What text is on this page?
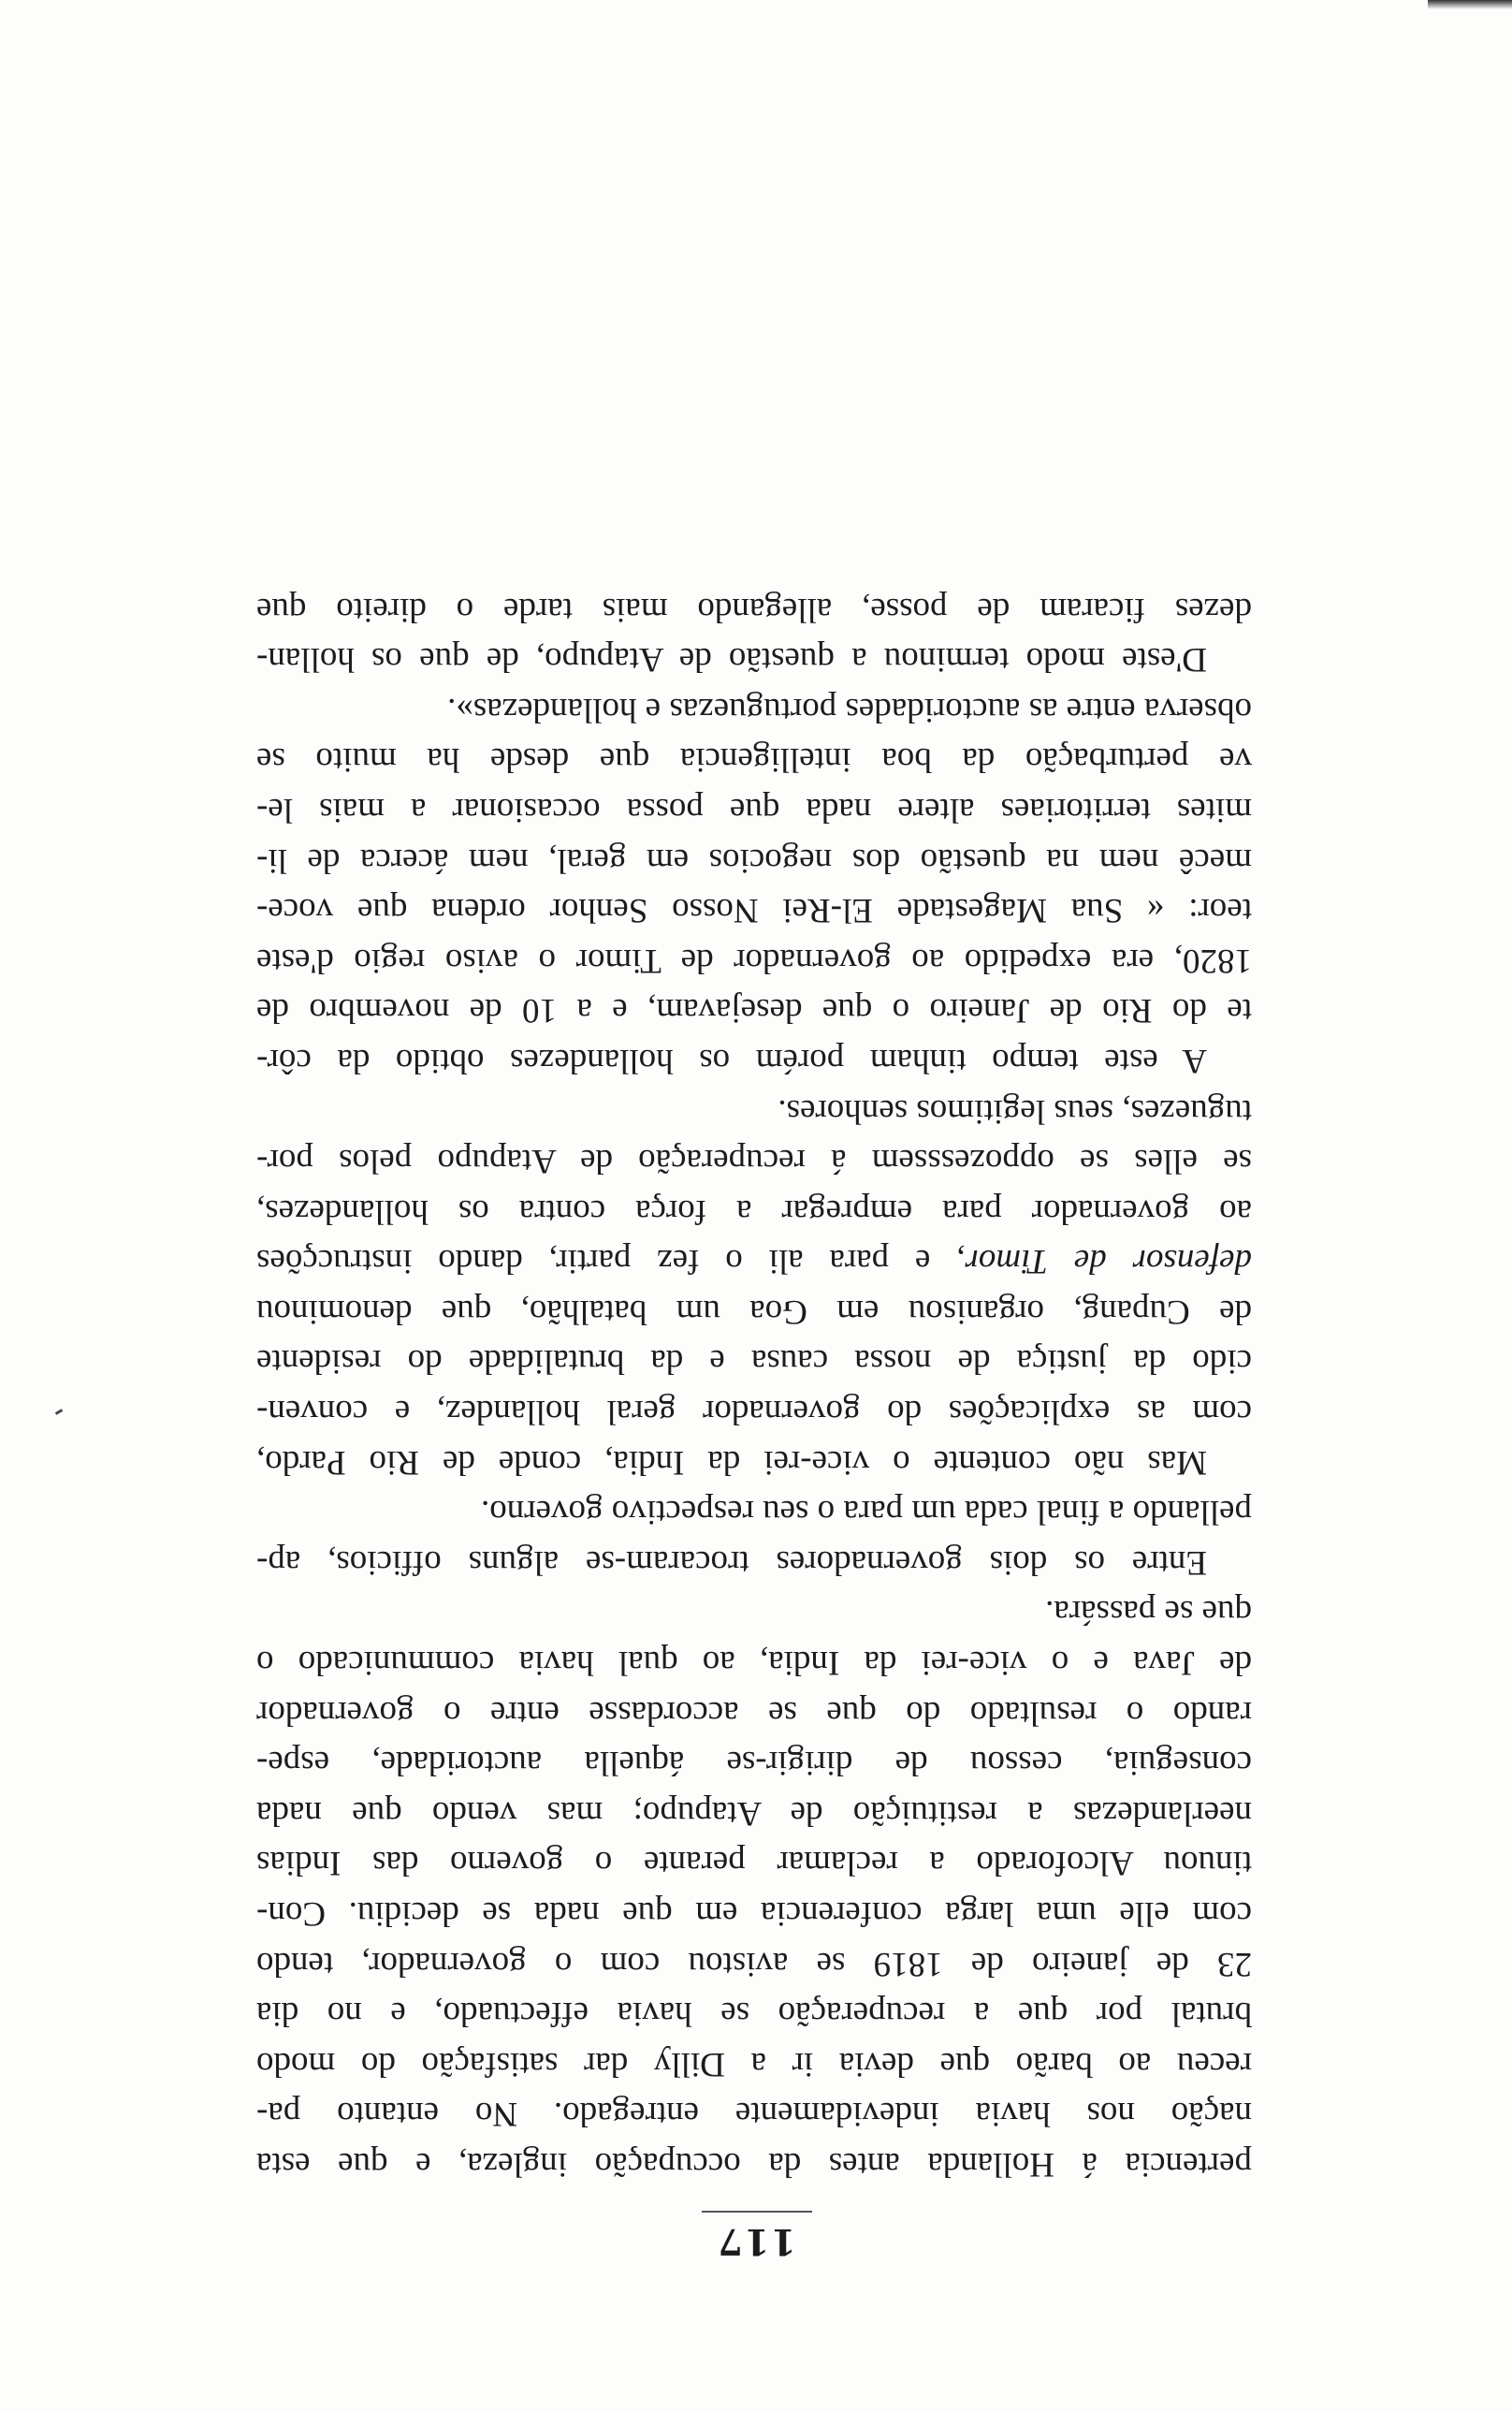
117
pertencia á Hollanda antes da occupação ingleza, e que esta
nação nos havia indevidamente entregado. No entanto pa-
receu ao barão que devia ir a Dilly dar satisfação do modo
brutal por que a recuperação se havia effectuado, e no dia
23 de janeiro de 1819 se avistou com o governador, tendo
com elle uma larga conferencia em que nada se decidiu. Con-
tinuou Alcoforado a reclamar perante o governo das Indias
neerlandezas a restituição de Atapupo; mas vendo que nada
conseguia, cessou de dirigir-se áquella auctoridade, espe-
rando o resultado do que se accordasse entre o governador
de Java e o vice-rei da India, ao qual havia communicado o
que se passára.
Entre os dois governadores trocaram-se alguns officios, ap-
pellando a final cada um para o seu respectivo governo.
Mas não contente o vice-rei da India, conde de Rio Pardo,
com as explicações do governador geral hollandez, e conven-
cido da justiça de nossa causa e da brutalidade do residente
de Cupang, organisou em Goa um batalhão, que denominou
defensor de Timor, e para ali o fez partir, dando instrucções
ao governador para empregar a força contra os hollandezes,
se elles se oppozesssem á recuperação de Atapupo pelos por-
tuguezes, seus legitimos senhores.
A este tempo tinham porém os hollandezes obtido da côr-
te do Rio de Janeiro o que desejavam, e a 10 de novembro de
1820, era expedido ao governador de Timor o aviso regio d'este
teor: « Sua Magestade El-Rei Nosso Senhor ordena que voce-
mecê nem na questão dos negocios em geral, nem ácerca de li-
mites territoriaes altere nada que possa occasionar a mais le-
ve perturbação da boa intelligencia que desde ha muito se
observa entre as auctoridades portuguezas e hollandezas».
D'este modo terminou a questão de Atapupo, de que os hollan-
dezes ficaram de posse, allegando mais tarde o direito que
